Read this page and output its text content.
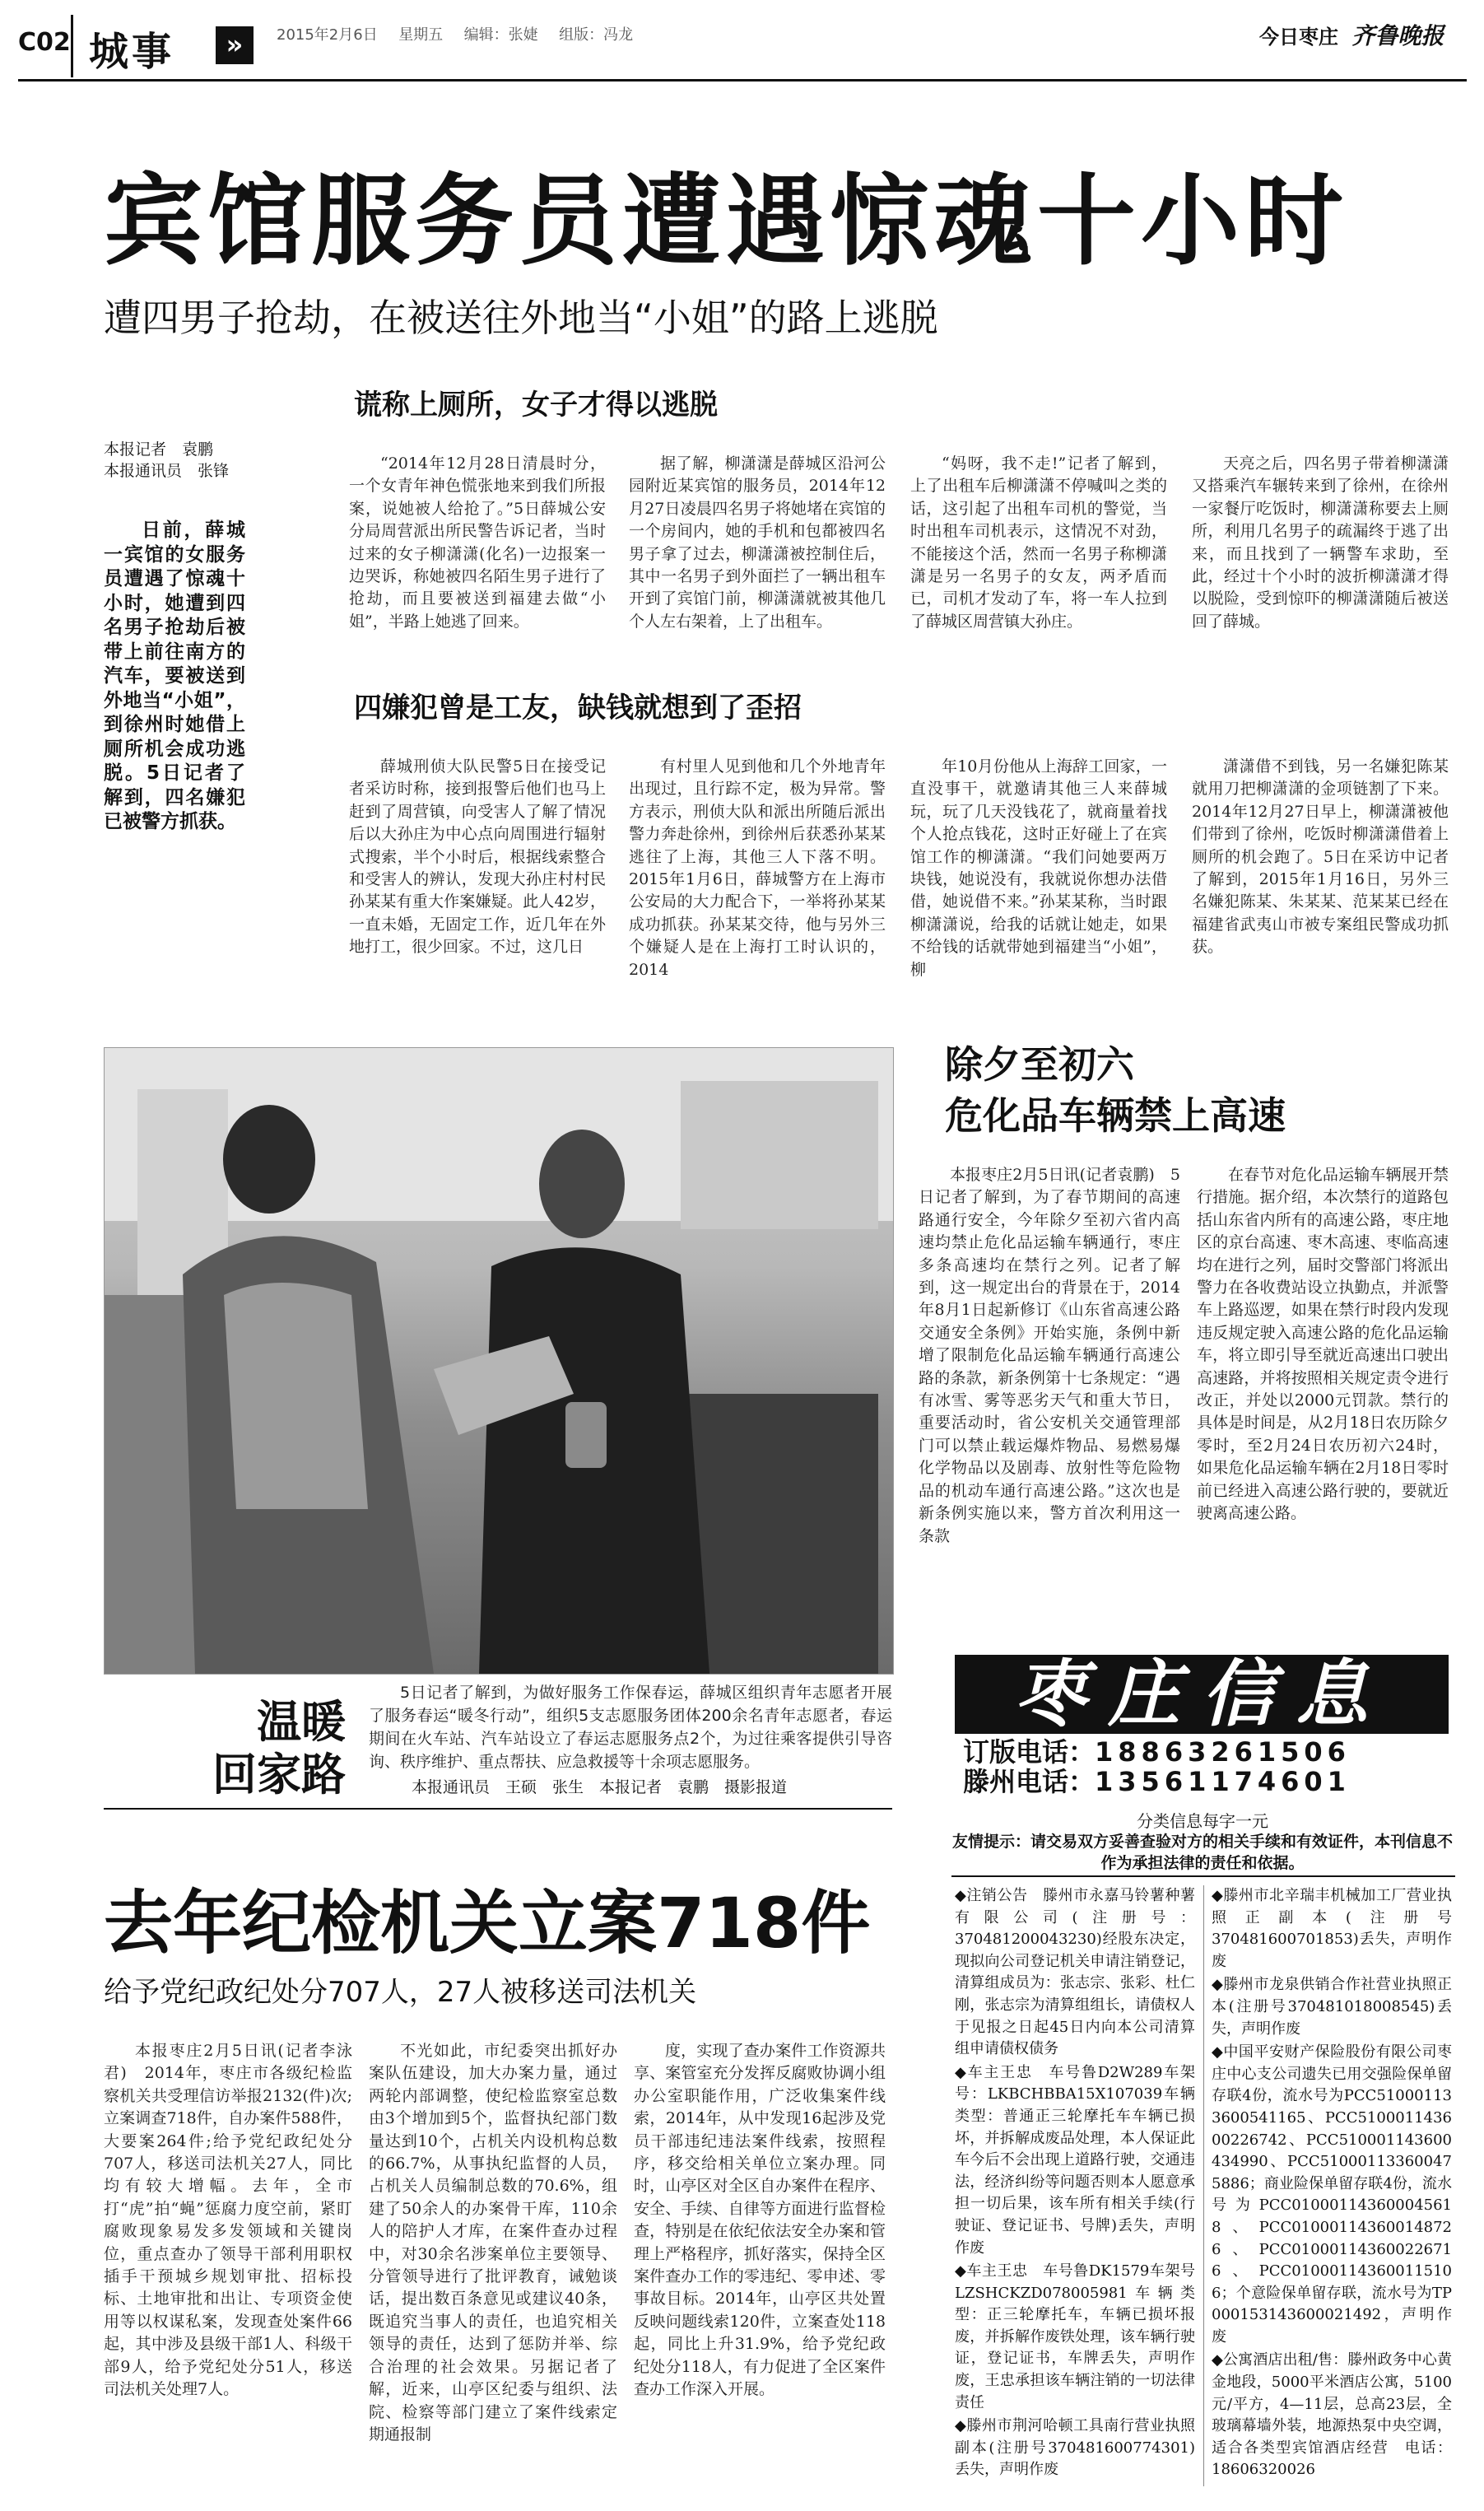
C02 城事	»	2015年2月6日 星期五 编辑：张婕 组版：冯龙	今日枣庄 齐鲁晚报
宾馆服务员遭遇惊魂十小时
遭四男子抢劫，在被送往外地当“小姐”的路上逃脱
本报记者　袁鹏
本报通讯员　张锋
日前，薛城一宾馆的女服务员遭遇了惊魂十小时，她遭到四名男子抢劫后被带上前往南方的汽车，要被送到外地当“小姐”，到徐州时她借上厕所机会成功逃脱。5日记者了解到，四名嫌犯已被警方抓获。
谎称上厕所，女子才得以逃脱
“2014年12月28日清晨时分，一个女青年神色慌张地来到我们所报案，说她被人给抢了。”5日薛城公安分局周营派出所民警告诉记者，当时过来的女子柳潇潇(化名)一边报案一边哭诉，称她被四名陌生男子进行了抢劫，而且要被送到福建去做“小姐”，半路上她逃了回来。
据了解，柳潇潇是薛城区沿河公园附近某宾馆的服务员，2014年12月27日凌晨四名男子将她堵在宾馆的一个房间内，她的手机和包都被四名男子拿了过去，柳潇潇被控制住后，其中一名男子到外面拦了一辆出租车开到了宾馆门前，柳潇潇就被其他几个人左右架着，上了出租车。
“妈呀，我不走!”记者了解到，上了出租车后柳潇潇不停喊叫之类的话，这引起了出租车司机的警觉，当时出租车司机表示，这情况不对劲，不能接这个活，然而一名男子称柳潇潇是另一名男子的女友，两矛盾而已，司机才发动了车，将一车人拉到了薛城区周营镇大孙庄。
天亮之后，四名男子带着柳潇潇又搭乘汽车辗转来到了徐州，在徐州一家餐厅吃饭时，柳潇潇称要去上厕所，利用几名男子的疏漏终于逃了出来，而且找到了一辆警车求助，至此，经过十个小时的波折柳潇潇才得以脱险，受到惊吓的柳潇潇随后被送回了薛城。
四嫌犯曾是工友，缺钱就想到了歪招
薛城刑侦大队民警5日在接受记者采访时称，接到报警后他们也马上赶到了周营镇，向受害人了解了情况后以大孙庄为中心点向周围进行辐射式搜索，半个小时后，根据线索整合和受害人的辨认，发现大孙庄村村民孙某某有重大作案嫌疑。此人42岁，一直未婚，无固定工作，近几年在外地打工，很少回家。不过，这几日
有村里人见到他和几个外地青年出现过，且行踪不定，极为异常。警方表示，刑侦大队和派出所随后派出警力奔赴徐州，到徐州后获悉孙某某逃往了上海，其他三人下落不明。2015年1月6日，薛城警方在上海市公安局的大力配合下，一举将孙某某成功抓获。孙某某交待，他与另外三个嫌疑人是在上海打工时认识的，2014
年10月份他从上海辞工回家，一直没事干，就邀请其他三人来薛城玩，玩了几天没钱花了，就商量着找个人抢点钱花，这时正好碰上了在宾馆工作的柳潇潇。“我们问她要两万块钱，她说没有，我就说你想办法借借，她说借不来。”孙某某称，当时跟柳潇潇说，给我的话就让她走，如果不给钱的话就带她到福建当“小姐”，柳
潇潇借不到钱，另一名嫌犯陈某就用刀把柳潇潇的金项链割了下来。2014年12月27日早上，柳潇潇被他们带到了徐州，吃饭时柳潇潇借着上厕所的机会跑了。5日在采访中记者了解到，2015年1月16日，另外三名嫌犯陈某、朱某某、范某某已经在福建省武夷山市被专案组民警成功抓获。
温暖
回家路
5日记者了解到，为做好服务工作保春运，薛城区组织青年志愿者开展了服务春运“暖冬行动”，组织5支志愿服务团体200余名青年志愿者，春运期间在火车站、汽车站设立了春运志愿服务点2个，为过往乘客提供引导咨询、秩序维护、重点帮扶、应急救援等十余项志愿服务。
本报通讯员　王硕　张生　本报记者　袁鹏　摄影报道
除夕至初六
危化品车辆禁上高速
本报枣庄2月5日讯(记者袁鹏)　5日记者了解到，为了春节期间的高速路通行安全，今年除夕至初六省内高速均禁止危化品运输车辆通行，枣庄多条高速均在禁行之列。记者了解到，这一规定出台的背景在于，2014年8月1日起新修订《山东省高速公路交通安全条例》开始实施，条例中新增了限制危化品运输车辆通行高速公路的条款，新条例第十七条规定：“遇有冰雪、雾等恶劣天气和重大节日，重要活动时，省公安机关交通管理部门可以禁止载运爆炸物品、易燃易爆化学物品以及剧毒、放射性等危险物品的机动车通行高速公路。”这次也是新条例实施以来，警方首次利用这一条款
在春节对危化品运输车辆展开禁行措施。据介绍，本次禁行的道路包括山东省内所有的高速公路，枣庄地区的京台高速、枣木高速、枣临高速均在进行之列，届时交警部门将派出警力在各收费站设立执勤点，并派警车上路巡逻，如果在禁行时段内发现违反规定驶入高速公路的危化品运输车，将立即引导至就近高速出口驶出高速路，并将按照相关规定责令进行改正，并处以2000元罚款。禁行的具体是时间是，从2月18日农历除夕零时，至2月24日农历初六24时，如果危化品运输车辆在2月18日零时前已经进入高速公路行驶的，要就近驶离高速公路。
枣庄信息
订版电话：18863261506
滕州电话：13561174601
分类信息每字一元
友情提示：请交易双方妥善查验对方的相关手续和有效证件，本刊信息不作为承担法律的责任和依据。
去年纪检机关立案718件
给予党纪政纪处分707人，27人被移送司法机关
本报枣庄2月5日讯(记者李泳君)　2014年，枣庄市各级纪检监察机关共受理信访举报2132(件)次;立案调查718件，自办案件588件，大要案264件;给予党纪政纪处分707人，移送司法机关27人，同比均有较大增幅。去年，全市打“虎”拍“蝇”惩腐力度空前，紧盯腐败现象易发多发领域和关键岗位，重点查办了领导干部利用职权插手干预城乡规划审批、招标投标、土地审批和出让、专项资金使用等以权谋私案，发现查处案件66起，其中涉及县级干部1人、科级干部9人，给予党纪处分51人，移送司法机关处理7人。
不光如此，市纪委突出抓好办案队伍建设，加大办案力量，通过两轮内部调整，使纪检监察室总数由3个增加到5个，监督执纪部门数量达到10个，占机关内设机构总数的66.7%，从事执纪监督的人员，占机关人员编制总数的70.6%，组建了50余人的办案骨干库，110余人的陪护人才库，在案件查办过程中，对30余名涉案单位主要领导、分管领导进行了批评教育，诫勉谈话，提出数百条意见或建议40条，既追究当事人的责任，也追究相关领导的责任，达到了惩防并举、综合治理的社会效果。另据记者了解，近来，山亭区纪委与组织、法院、检察等部门建立了案件线索定期通报制
度，实现了查办案件工作资源共享、案管室充分发挥反腐败协调小组办公室职能作用，广泛收集案件线索，2014年，从中发现16起涉及党员干部违纪违法案件线索，按照程序，移交给相关单位立案办理。同时，山亭区对全区自办案件在程序、安全、手续、自律等方面进行监督检查，特别是在依纪依法安全办案和管理上严格程序，抓好落实，保持全区案件查办工作的零违纪、零申述、零事故目标。2014年，山亭区共处置反映问题线索120件，立案查处118起，同比上升31.9%，给予党纪政纪处分118人，有力促进了全区案件查办工作深入开展。

◆注销公告　滕州市永嘉马铃薯种薯有限公司(注册号：370481200043230)经股东决定，现拟向公司登记机关申请注销登记，清算组成员为：张志宗、张彩、杜仁刚，张志宗为清算组组长，请债权人于见报之日起45日内向本公司清算组申请债权债务

◆车主王忠　车号鲁D2W289车架号：LKBCHBBA15X107039车辆类型：普通正三轮摩托车车辆已损坏，并拆解成废品处理，本人保证此车今后不会出现上道路行驶，交通违法，经济纠纷等问题否则本人愿意承担一切后果，该车所有相关手续(行驶证、登记证书、号牌)丢失，声明作废

◆车主王忠　车号鲁DK1579车架号LZSHCKZD078005981车辆类型：正三轮摩托车，车辆已损坏报废，并拆解作废铁处理，该车辆行驶证，登记证书，车牌丢失，声明作废，王忠承担该车辆注销的一切法律责任

◆滕州市荆河哈顿工具南行营业执照副本(注册号370481600774301)丢失，声明作废

◆滕州市北辛瑞丰机械加工厂营业执照正副本(注册号370481600701853)丢失，声明作废

◆滕州市龙泉供销合作社营业执照正本(注册号370481018008545)丢失，声明作废

◆中国平安财产保险股份有限公司枣庄中心支公司遗失已用交强险保单留存联4份，流水号为PCC510001133600541165、PCC510001143600226742、PCC510001143600434990、PCC510001133600475886；商业险保单留存联4份，流水号为PCC010001143600045618、PCC010001143600148726、PCC010001143600226716、PCC010001143600115106；个意险保单留存联，流水号为TP0001531436000​21492，声明作废

◆公寓酒店出租/售：滕州政务中心黄金地段，5000平米酒店公寓，5100元/平方，4—11层，总高23层，全玻璃幕墙外装，地源热泵中央空调，适合各类型宾馆酒店经营　电话：18606320026
